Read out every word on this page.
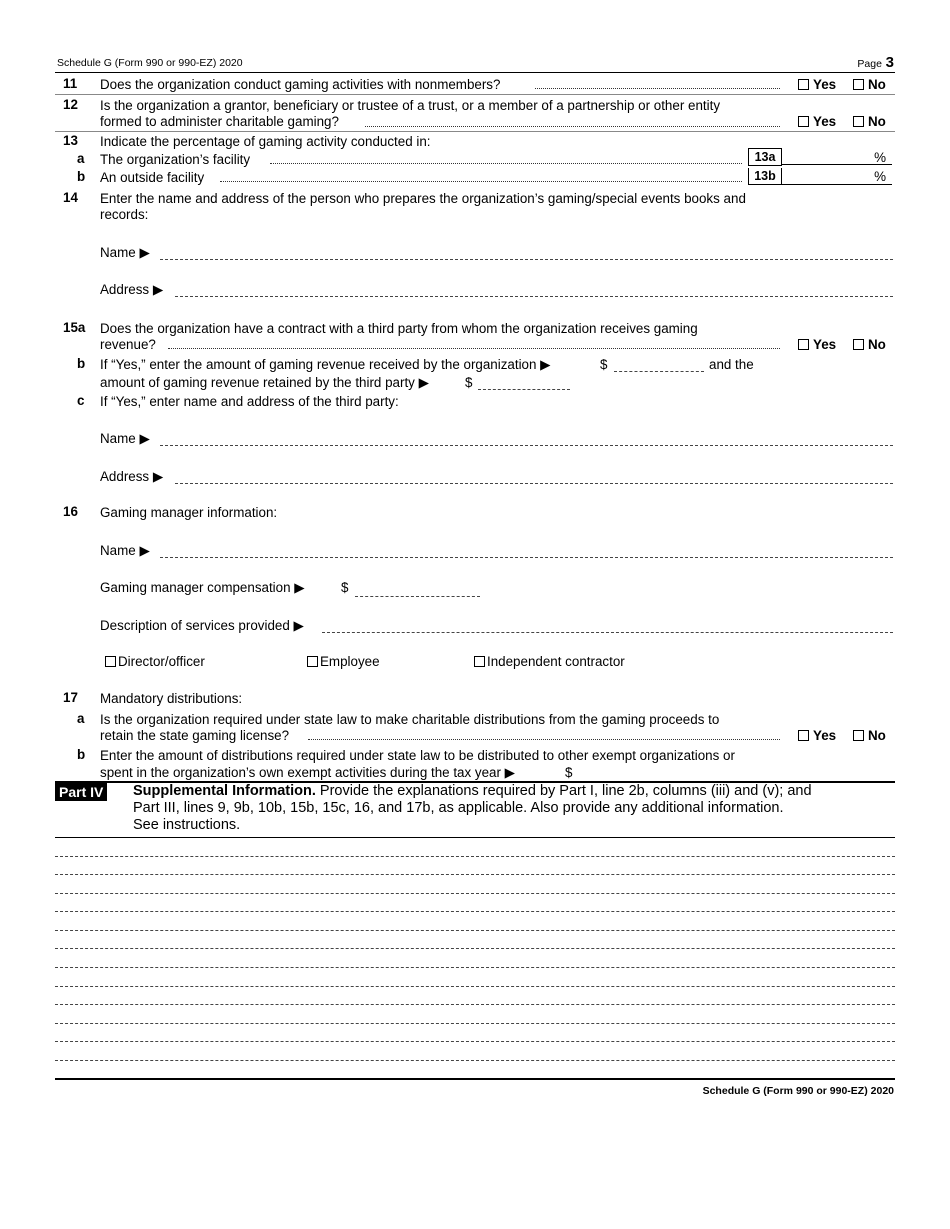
Schedule G (Form 990 or 990-EZ) 2020	Page 3
11 Does the organization conduct gaming activities with nonmembers?	Yes No
12 Is the organization a grantor, beneficiary or trustee of a trust, or a member of a partnership or other entity
formed to administer charitable gaming?	Yes No
13 Indicate the percentage of gaming activity conducted in:
a The organization’s facility	13a	%
b An outside facility	13b	%
14 Enter the name and address of the person who prepares the organization’s gaming/special events books and
records:
Name ▶
Address ▶
15a Does the organization have a contract with a third party from whom the organization receives gaming
revenue?	Yes No
b If “Yes,” enter the amount of gaming revenue received by the organization ▶	$	and the
amount of gaming revenue retained by the third party ▶	$
c If “Yes,” enter name and address of the third party:
Name ▶
Address ▶
16 Gaming manager information:
Name ▶
Gaming manager compensation ▶	$
Description of services provided ▶
Director/officer	Employee	Independent contractor
17 Mandatory distributions:
a Is the organization required under state law to make charitable distributions from the gaming proceeds to
retain the state gaming license?	Yes No
b Enter the amount of distributions required under state law to be distributed to other exempt organizations or
spent in the organization’s own exempt activities during the tax year ▶	$
Part IV Supplemental Information. Provide the explanations required by Part I, line 2b, columns (iii) and (v); and
Part III, lines 9, 9b, 10b, 15b, 15c, 16, and 17b, as applicable. Also provide any additional information.
See instructions.
Schedule G (Form 990 or 990-EZ) 2020
